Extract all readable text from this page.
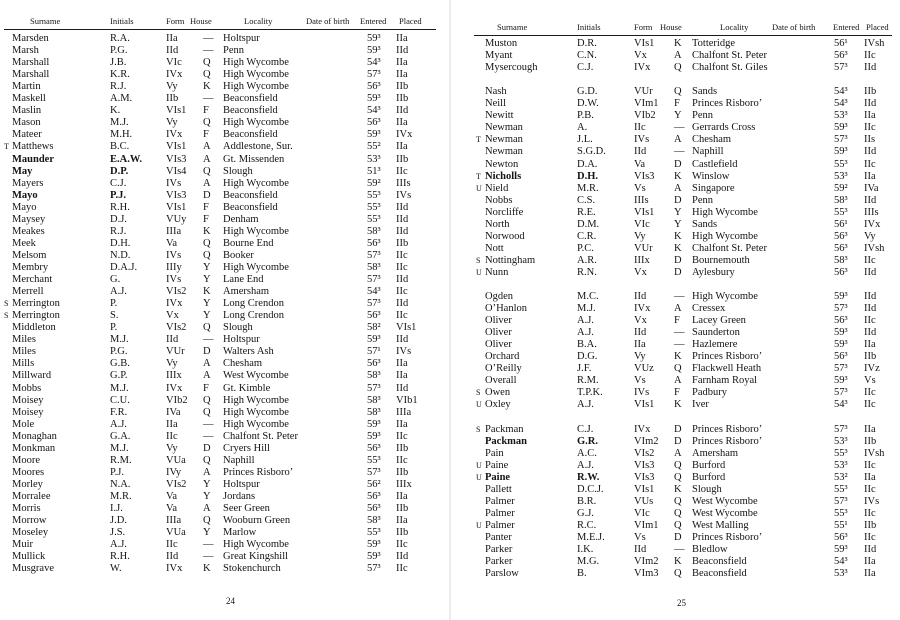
Surname	Initials	Form House	Locality	Date of birth Entered Placed
Marsden	R.A.	IIa — Holtspur	59³ IIa
Marsh	P.G.	IId — Penn	59³ IId
Marshall	J.B.	VIc Q High Wycombe	54³ IIa
Marshall	K.R.	IVx Q High Wycombe	57³ IIa
Martin	R.J.	Vy K High Wycombe	56³ IIb
Maskell	A.M.	IIb — Beaconsfield	59³ IIb
Maslin	K.	VIs1 F Beaconsfield	54³ IId
Mason	M.J.	Vy Q High Wycombe	56³ IIa
Mateer	M.H.	IVx F Beaconsfield	59³ IVx
T Matthews	B.C.	VIs1 A Addlestone, Sur.	55² IIa
Maunder	E.A.W. VIs3 A Gt. Missenden	53³ IIb
May	D.P.	VIs4 Q Slough	51³ IIc
Mayers	C.J.	IVs A High Wycombe	59² IIIs
Mayo	P.J.	VIs3 D Beaconsfield	55³ IVs
Mayo	R.H.	VIs1 F Beaconsfield	55³ IId
Maysey	D.J.	VUy F Denham	55³ IId
Meakes	R.J.	IIIa K High Wycombe	58³ IId
Meek	D.H.	Va Q Bourne End	56³ IIb
Melsom	N.D.	IVs Q Booker	57³ IIc
Membry	D.A.J.	IIIy Y High Wycombe	58³ IIc
Merchant	G.	IVs Y Lane End	57³ IId
Merrell	A.J.	VIs2 K Amersham	54³ IIc
S Merrington	P.	IVx Y Long Crendon	57³ IId
S Merrington	S.	Vx Y Long Crendon	56³ IIc
Middleton	P.	VIs2 Q Slough	58² VIs1
Miles	M.J.	IId — Holtspur	59³ IId
Miles	P.G.	VUr D Walters Ash	57¹ IVs
Mills	G.B.	Vy A Chesham	56³ IIa
Millward	G.P.	IIIx A West Wycombe	58³ IIa
Mobbs	M.J.	IVx F Gt. Kimble	57³ IId
Moisey	C.U.	VIb2 Q High Wycombe	58³ VIb1
Moisey	F.R.	IVa Q High Wycombe	58³ IIIa
Mole	A.J.	IIa — High Wycombe	59³ IIa
Monaghan	G.A.	IIc — Chalfont St. Peter	59³ IIc
Monkman	M.J.	Vy D Cryers Hill	56³ IIb
Moore	R.M.	VUa Q Naphill	55³ IIc
Moores	P.J.	IVy A Princes Risboro’	57³ IIb
Morley	N.A.	VIs2 Y Holtspur	56² IIIx
Morralee	M.R.	Va Y Jordans	56³ IIa
Morris	I.J.	Va A Seer Green	56³ IIb
Morrow	J.D.	IIIa Q Wooburn Green	58³ IIa
Moseley	J.S.	VUa Y Marlow	55³ IIb
Muir	A.J.	IIc — High Wycombe	59³ IIc
Mullick	R.H.	IId — Great Kingshill	59³ IId
Musgrave	W.	IVx K Stokenchurch	57³ IIc
24
Surname	Initials	Form House	Locality	Date of birth Entered Placed
Muston	D.R.	VIs1 K Totteridge	56¹ IVsh
Myant	C.N.	Vx	A Chalfont St. Peter	56³ IIc
Mysercough	C.J.	IVx Q Chalfont St. Giles	57³ IId
Nash	G.D.	VUr Q Sands	54³ IIb
Neill	D.W.	VIm1 F Princes Risboro’	54³ IId
Newitt	P.B.	VIb2 Y Penn	53³ IIa
Newman	A.	IIc	— Gerrards Cross	59³ IIc
T Newman	J.L.	IVs A Chesham	57³ IIs
Newman	S.G.D.	IId	— Naphill	59³ IId
Newton	D.A.	Va	D Castlefield	55³ IIc
T Nicholls	D.H.	VIs3 K Winslow	53³ IIa
U Nield	M.R.	Vs	A Singapore	59² IVa
Nobbs	C.S.	IIIs D Penn	58³ IId
Norcliffe	R.E.	VIs1 Y High Wycombe	55³ IIIs
North	D.M.	VIc Y Sands	56¹ IVx
Norwood	C.R.	Vy	K High Wycombe	56³ Vy
Nott	P.C.	VUr K Chalfont St. Peter	56³ IVsh
S Nottingham	A.R.	IIIx D Bournemouth	58³ IIc
U Nunn	R.N.	Vx	D Aylesbury	56³ IId
Ogden	M.C.	IId	— High Wycombe	59³ IId
O’Hanlon	M.J.	IVx A Cressex	57³ IId
Oliver	A.J.	Vx	F Lacey Green	56³ IIc
Oliver	A.J.	IId	— Saunderton	59³ IId
Oliver	B.A.	IIa	— Hazlemere	59³ IIa
Orchard	D.G.	Vy	K Princes Risboro’	56³ IIb
O’Reilly	J.F.	VUz Q Flackwell Heath	57³ IVz
Overall	R.M.	Vs	A Farnham Royal	59³ Vs
S Owen	T.P.K.	IVs F Padbury	57³ IIc
U Oxley	A.J.	VIs1 K Iver	54³ IIc
S Packman	C.J.	IVx D Princes Risboro’	57³ IIa
Packman	G.R.	VIm2 D Princes Risboro’	53³ IIb
Pain	A.C.	VIs2 A Amersham	55³ IVsh
U Paine	A.J.	VIs3 Q Burford	53³ IIc
U Paine	R.W.	VIs3 Q Burford	53² IIa
Pallett	D.C.J.	VIs1 K Slough	55³ IIc
Palmer	B.R.	VUs Q West Wycombe	57³ IVs
Palmer	G.J.	VIc Q West Wycombe	55³ IIc
U Palmer	R.C.	VIm1 Q West Malling	55¹ IIb
Panter	M.E.J.	Vs	D Princes Risboro’	56³ IIc
Parker	I.K.	IId	— Bledlow	59³ IId
Parker	M.G.	VIm2 K Beaconsfield	54³ IIa
Parslow	B.	VIm3 Q Beaconsfield	53³ IIa
25
